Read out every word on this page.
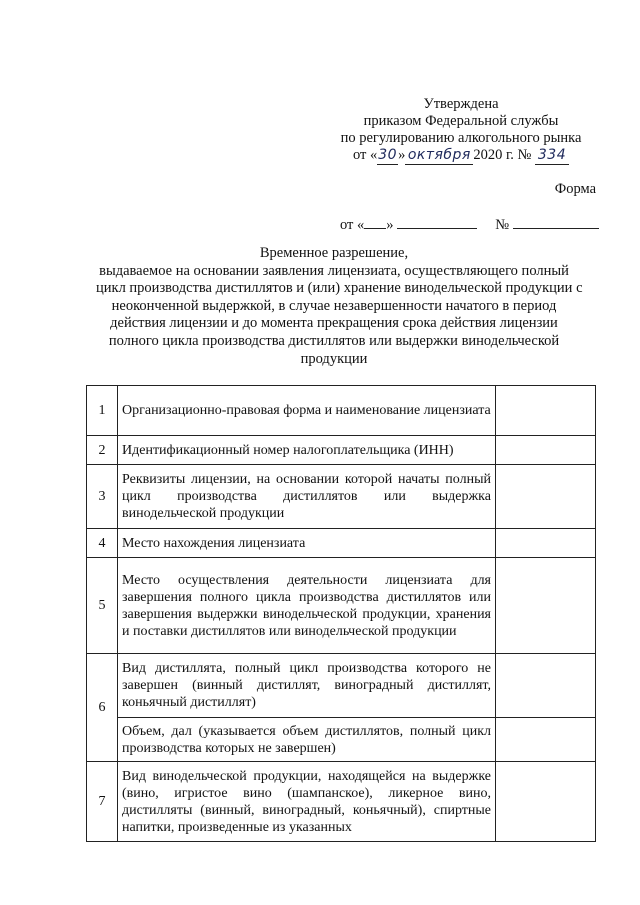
Утверждена
приказом Федеральной службы
по регулированию алкогольного рынка
от «30» октября 2020 г. № 334
Форма
от « »	№
Временное разрешение,
выдаваемое на основании заявления лицензиата, осуществляющего полный
цикл производства дистиллятов и (или) хранение винодельческой продукции с
неоконченной выдержкой, в случае незавершенности начатого в период
действия лицензии и до момента прекращения срока действия лицензии
полного цикла производства дистиллятов или выдержки винодельческой
продукции
1	Организационно-правовая форма и наименование лицензиата	
2	Идентификационный номер налогоплательщика (ИНН)	
3	Реквизиты лицензии, на основании которой начаты полный цикл производства дистиллятов или выдержка винодельческой продукции	
4	Место нахождения лицензиата	
5	Место осуществления деятельности лицензиата для завершения полного цикла производства дистиллятов или завершения выдержки винодельческой продукции, хранения и поставки дистиллятов или винодельческой продукции	
6	Вид дистиллята, полный цикл производства которого не завершен (винный дистиллят, виноградный дистиллят, коньячный дистиллят)	
	Объем, дал (указывается объем дистиллятов, полный цикл производства которых не завершен)	
7	Вид винодельческой продукции, находящейся на выдержке (вино, игристое вино (шампанское), ликерное вино, дистилляты (винный, виноградный, коньячный), спиртные напитки, произведенные из указанных	
